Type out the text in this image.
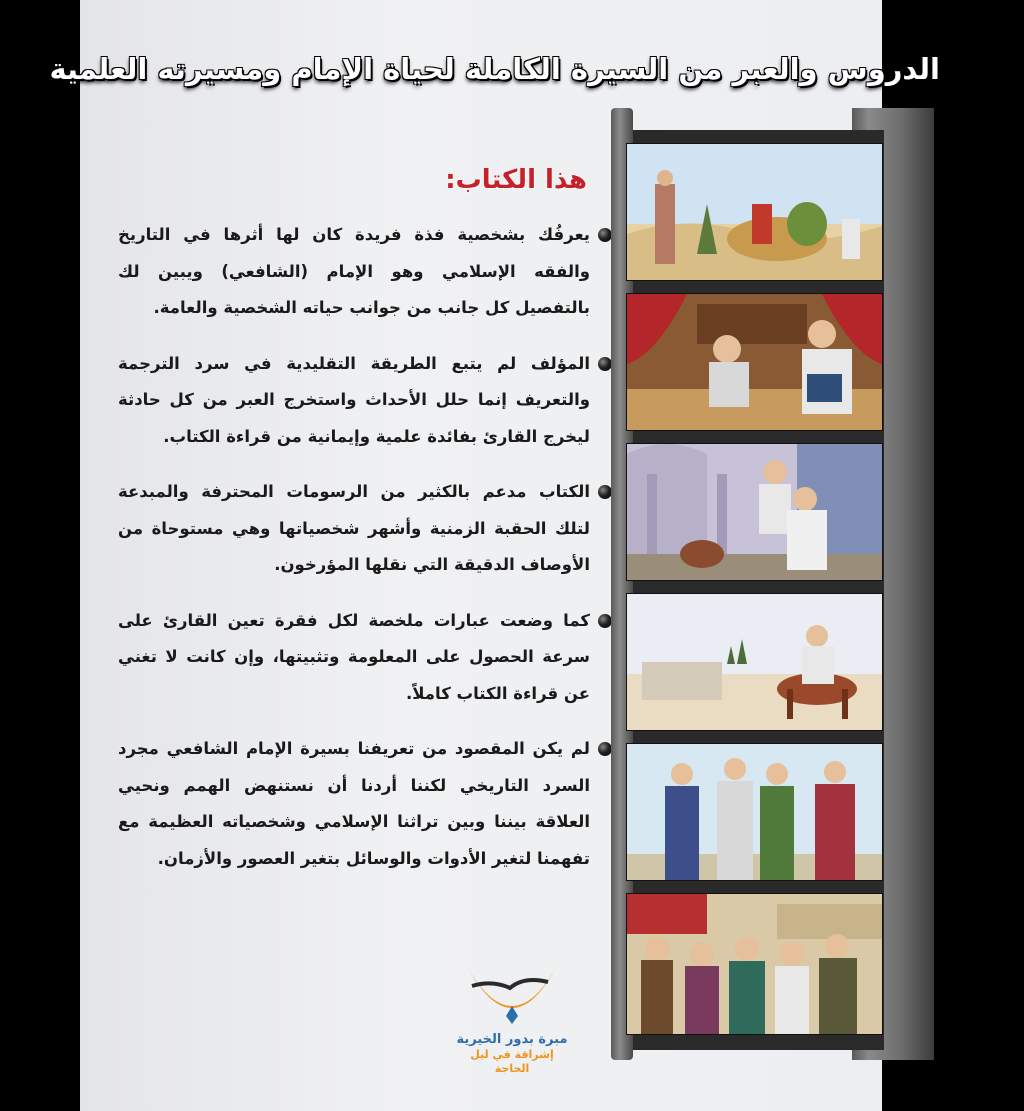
الدروس والعبر من السيرة الكاملة لحياة الإمام ومسيرته العلمية
هذا الكتاب:

يعرفُك بشخصية فذة فريدة كان لها أثرها في التاريخ والفقه الإسلامي وهو الإمام (الشافعي) ويبين لك بالتفصيل كل جانب من جوانب حياته الشخصية والعامة.

المؤلف لم يتبع الطريقة التقليدية في سرد الترجمة والتعريف إنما حلل الأحداث واستخرج العبر من كل حادثة ليخرج القارئ بفائدة علمية وإيمانية من قراءة الكتاب.

الكتاب مدعم بالكثير من الرسومات المحترفة والمبدعة لتلك الحقبة الزمنية وأشهر شخصياتها وهي مستوحاة من الأوصاف الدقيقة التي نقلها المؤرخون.

كما وضعت عبارات ملخصة لكل فقرة تعين القارئ على سرعة الحصول على المعلومة وتثبيتها، وإن كانت لا تغني عن قراءة الكتاب كاملاً.

لم يكن المقصود من تعريفنا بسيرة الإمام الشافعي مجرد السرد التاريخي لكننا أردنا أن نستنهض الهمم ونحيي العلاقة بيننا وبين تراثنا الإسلامي وشخصياته العظيمة مع تفهمنا لتغير الأدوات والوسائل بتغير العصور والأزمان.

مبرة بدور الخيرية
إشراقة في ليل الحاجة
